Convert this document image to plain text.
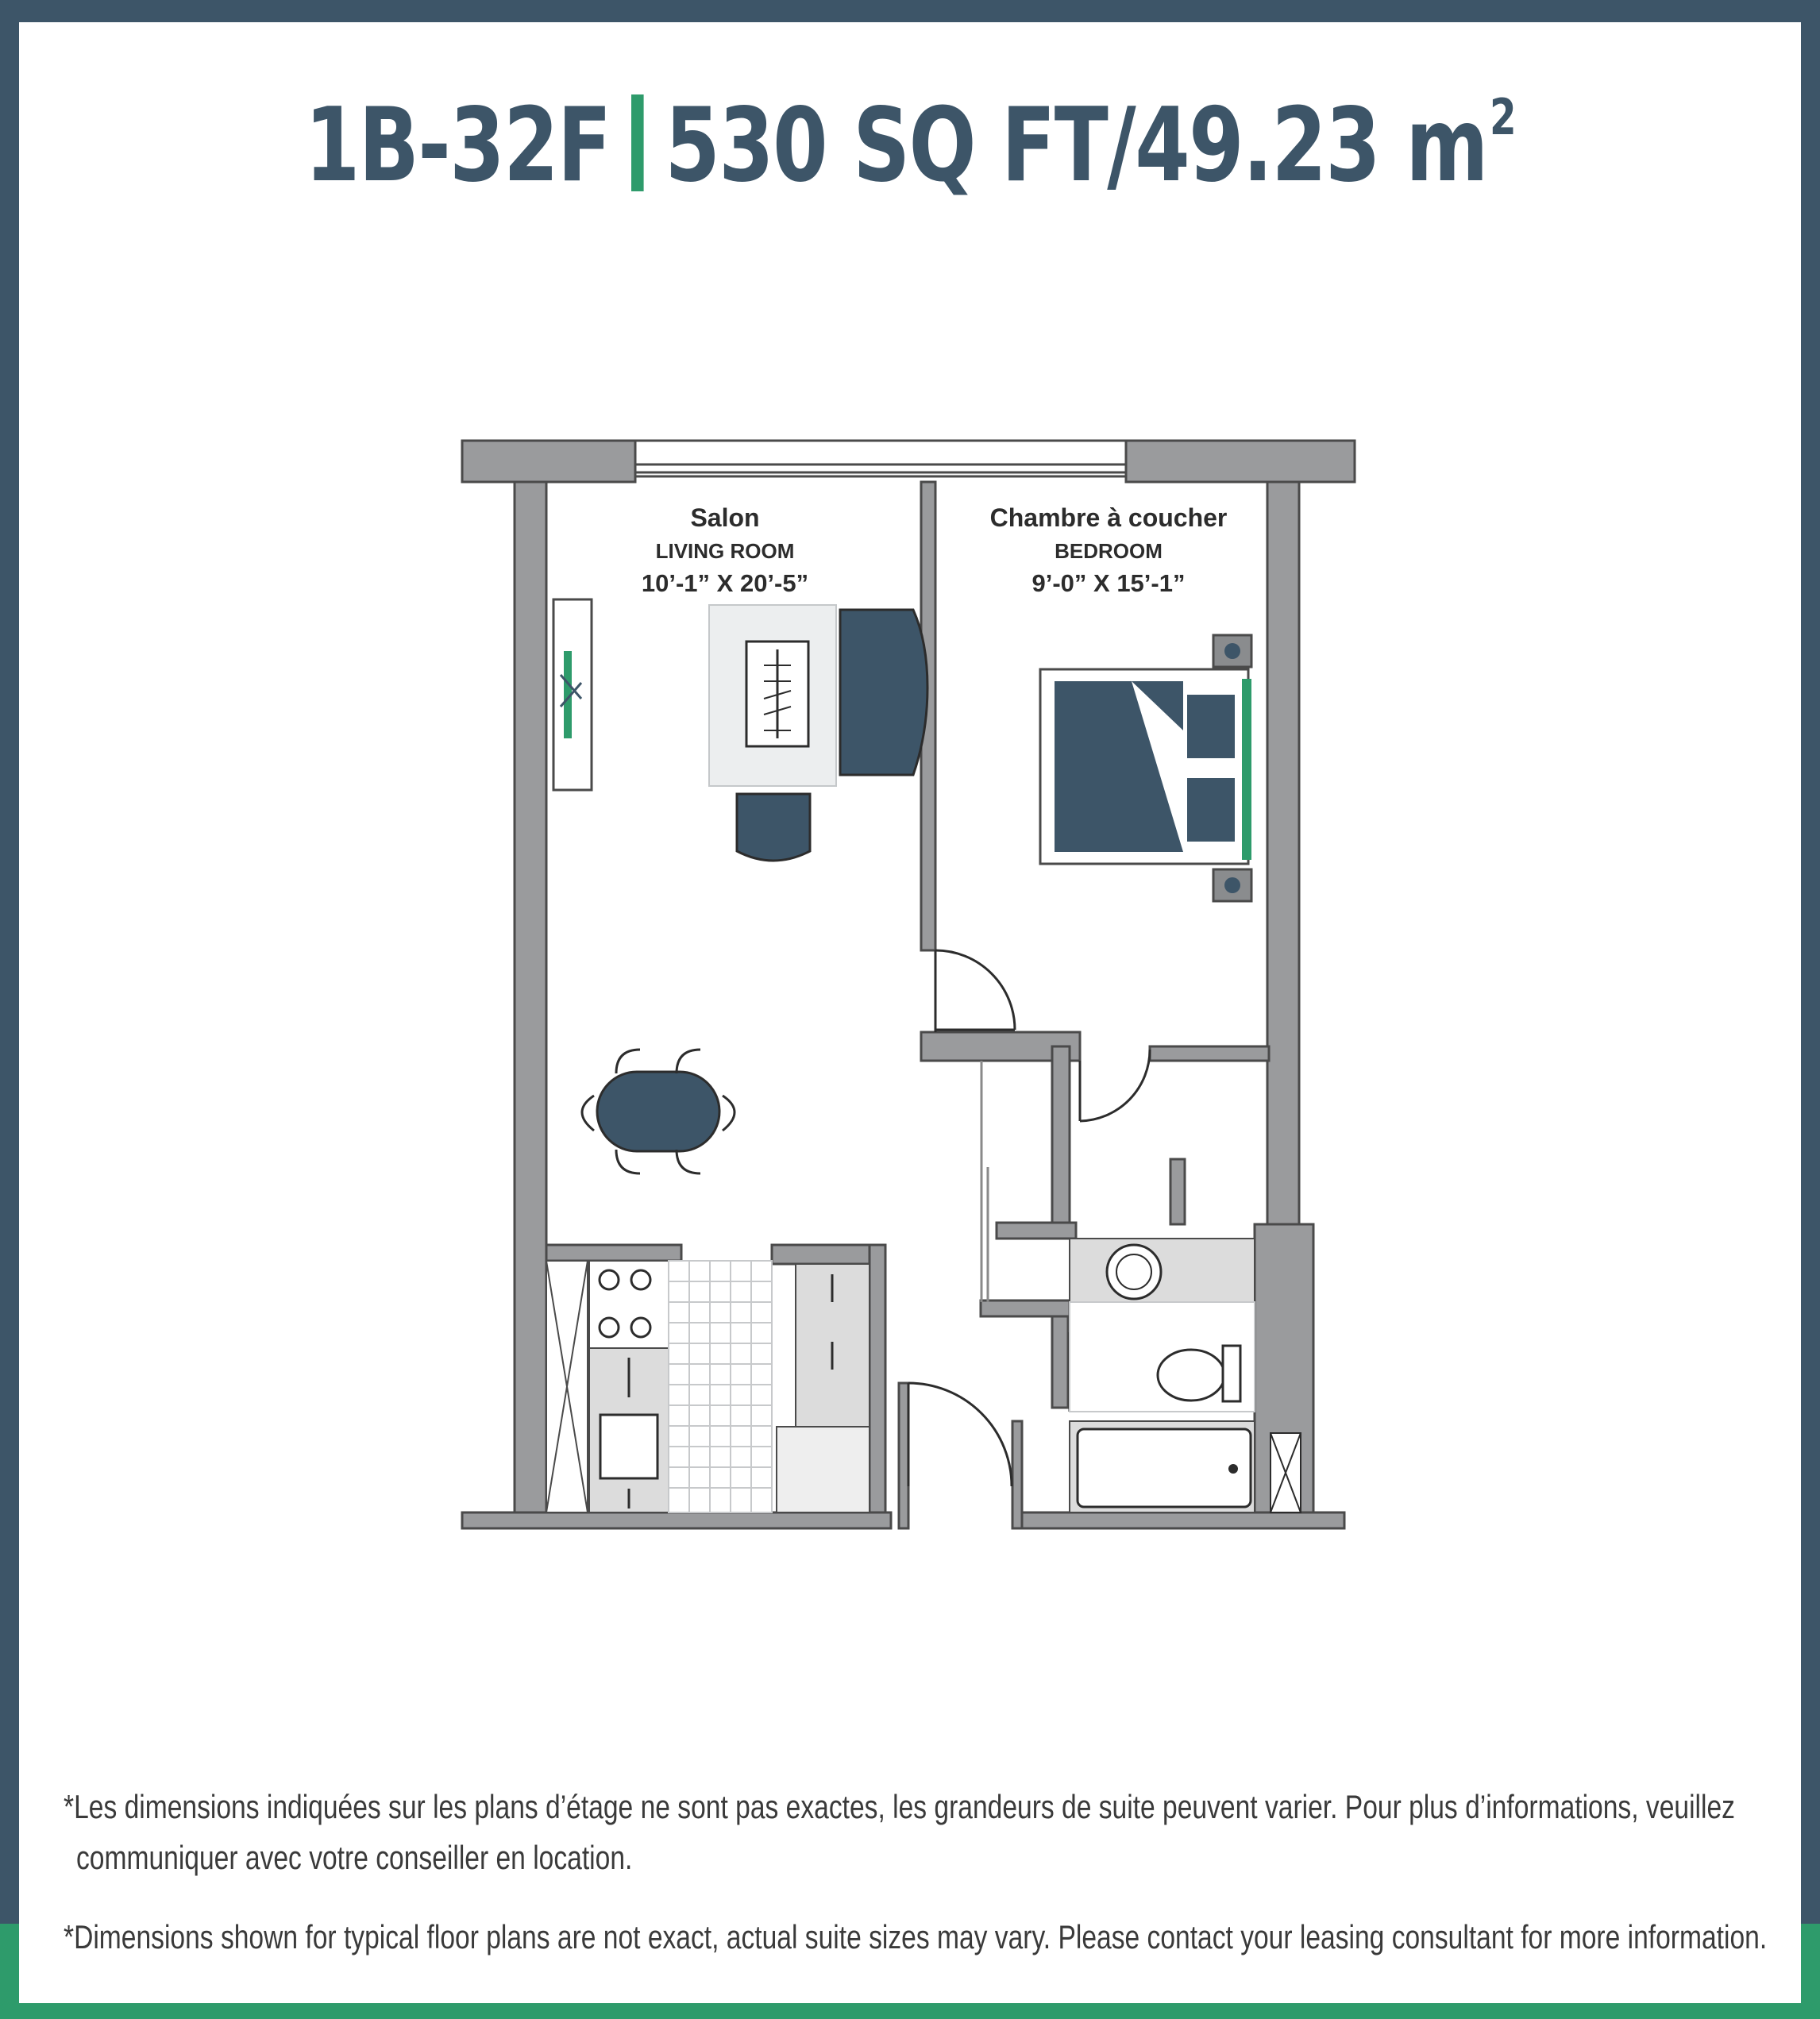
1B-32F 530 SQ FT/49.23 $m^2$
Salon
LIVING ROOM
10’-1” X 20’-5”
Chambre à coucher
BEDROOM
9’-0” X 15’-1”
*Les dimensions indiquées sur les plans d’étage ne sont pas exactes, les grandeurs de suite peuvent varier. Pour plus d’informations, veuillez
communiquer avec votre conseiller en location.
*Dimensions shown for typical floor plans are not exact, actual suite sizes may vary. Please contact your leasing consultant for more information.
